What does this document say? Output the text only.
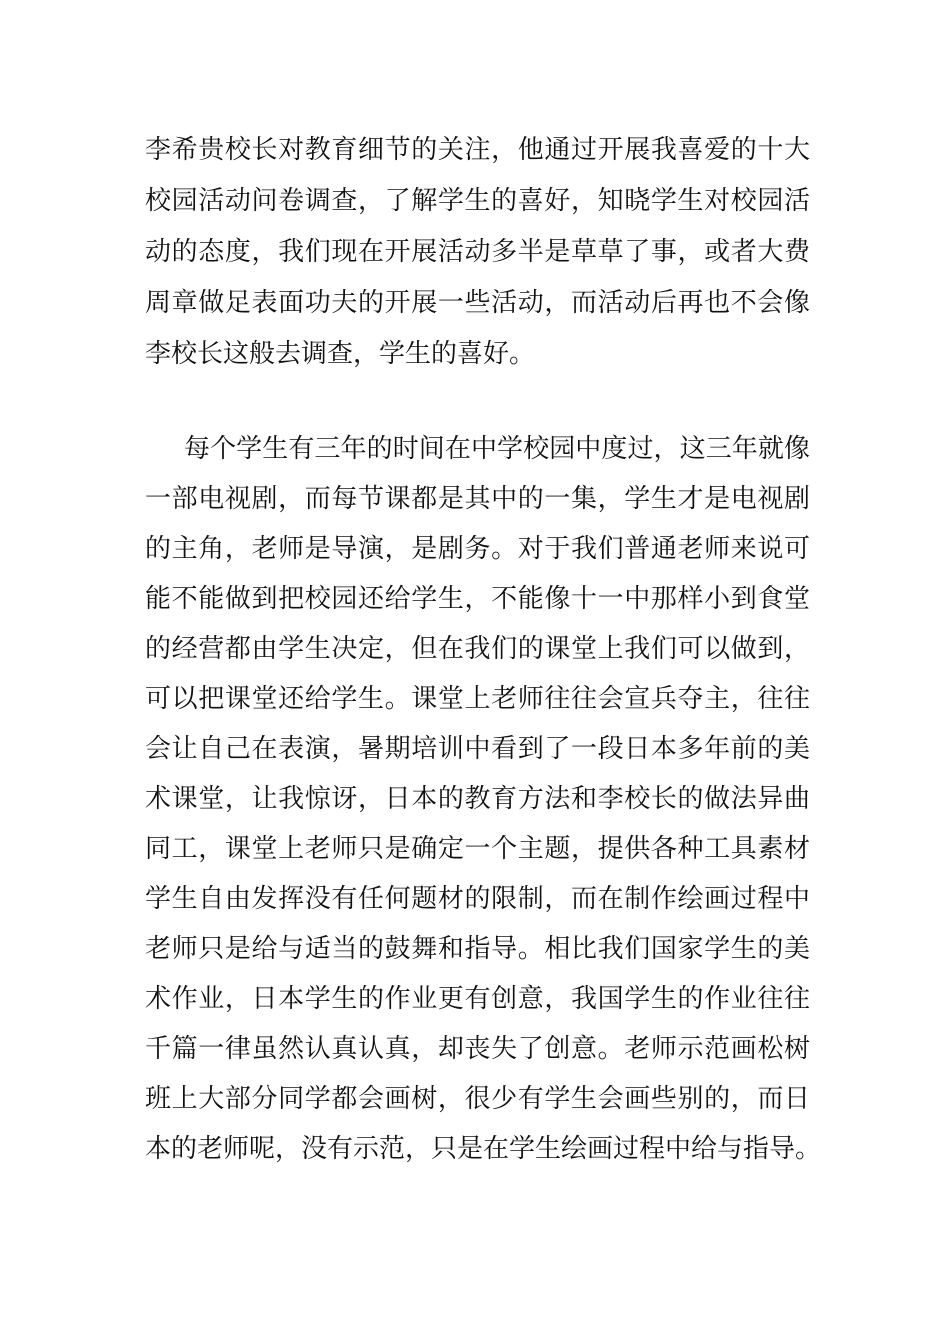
李希贵校长对教育细节的关注，他通过开展我喜爱的十大
校园活动问卷调查，了解学生的喜好，知晓学生对校园活
动的态度，我们现在开展活动多半是草草了事，或者大费
周章做足表面功夫的开展一些活动，而活动后再也不会像
李校长这般去调查，学生的喜好。
每个学生有三年的时间在中学校园中度过，这三年就像
一部电视剧，而每节课都是其中的一集，学生才是电视剧
的主角，老师是导演，是剧务。对于我们普通老师来说可
能不能做到把校园还给学生，不能像十一中那样小到食堂
的经营都由学生决定，但在我们的课堂上我们可以做到，
可以把课堂还给学生。课堂上老师往往会宣兵夺主，往往
会让自己在表演，暑期培训中看到了一段日本多年前的美
术课堂，让我惊讶，日本的教育方法和李校长的做法异曲
同工，课堂上老师只是确定一个主题，提供各种工具素材
学生自由发挥没有任何题材的限制，而在制作绘画过程中
老师只是给与适当的鼓舞和指导。相比我们国家学生的美
术作业，日本学生的作业更有创意，我国学生的作业往往
千篇一律虽然认真认真，却丧失了创意。老师示范画松树
班上大部分同学都会画树，很少有学生会画些别的，而日
本的老师呢，没有示范，只是在学生绘画过程中给与指导。
